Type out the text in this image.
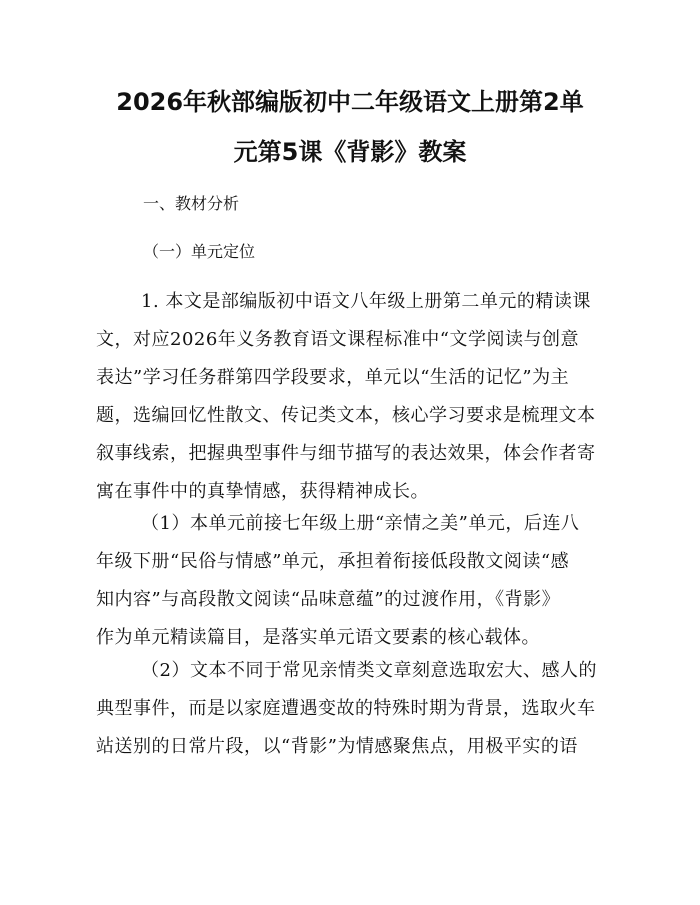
2026年秋部编版初中二年级语文上册第2单
元第5课《背影》教案

一、教材分析

（一）单元定位

1. 本文是部编版初中语文八年级上册第二单元的精读课
文，对应2026年义务教育语文课程标准中“文学阅读与创意
表达”学习任务群第四学段要求，单元以“生活的记忆”为主
题，选编回忆性散文、传记类文本，核心学习要求是梳理文本
叙事线索，把握典型事件与细节描写的表达效果，体会作者寄
寓在事件中的真挚情感，获得精神成长。
（1）本单元前接七年级上册“亲情之美”单元，后连八
年级下册“民俗与情感”单元，承担着衔接低段散文阅读“感
知内容”与高段散文阅读“品味意蕴”的过渡作用，《背影》
作为单元精读篇目，是落实单元语文要素的核心载体。
（2）文本不同于常见亲情类文章刻意选取宏大、感人的
典型事件，而是以家庭遭遇变故的特殊时期为背景，选取火车
站送别的日常片段，以“背影”为情感聚焦点，用极平实的语
